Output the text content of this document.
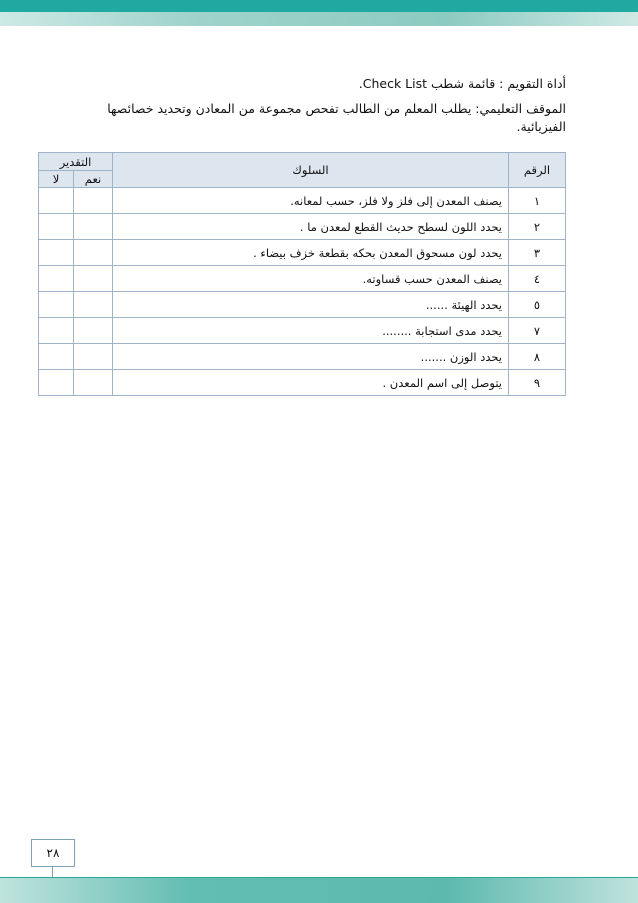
أداة التقويم : قائمة شطب Check List.
الموقف التعليمي: يطلب المعلم من الطالب تفحص مجموعة من المعادن وتحديد خصائصها
الفيزيائية.
الرقم	السلوك	التقدير	
		نعم	لا
١	يصنف المعدن إلى فلز ولا فلز، حسب لمعانه.		
٢	يحدد اللون لسطح حديث القطع لمعدن ما .		
٣	يحدد لون مسحوق المعدن بحكه بقطعة خزف بيضاء .		
٤	يصنف المعدن حسب قساوته.		
٥	يحدد الهيئة ......		
٧	يحدد مدى استجابة ........		
٨	يحدد الوزن .......		
٩	يتوصل إلى اسم المعدن .		
٢٨
